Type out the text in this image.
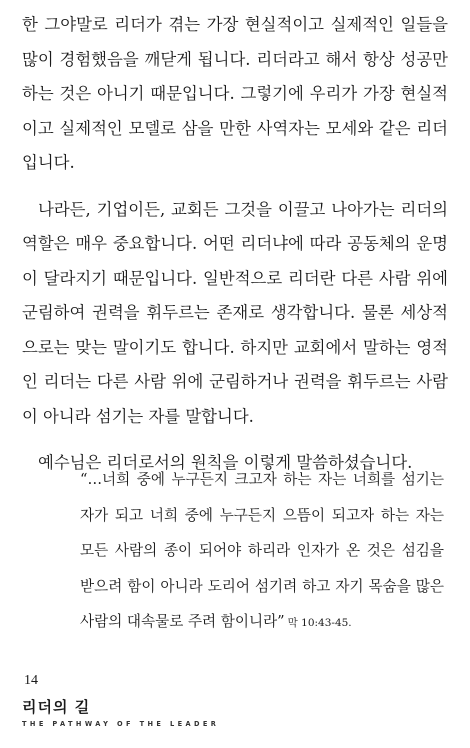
한 그야말로 리더가 겪는 가장 현실적이고 실제적인 일들을 많이 경험했음을 깨닫게 됩니다. 리더라고 해서 항상 성공만 하는 것은 아니기 때문입니다. 그렇기에 우리가 가장 현실적이고 실제적인 모델로 삼을 만한 사역자는 모세와 같은 리더입니다.

나라든, 기업이든, 교회든 그것을 이끌고 나아가는 리더의 역할은 매우 중요합니다. 어떤 리더냐에 따라 공동체의 운명이 달라지기 때문입니다. 일반적으로 리더란 다른 사람 위에 군림하여 권력을 휘두르는 존재로 생각합니다. 물론 세상적으로는 맞는 말이기도 합니다. 하지만 교회에서 말하는 영적인 리더는 다른 사람 위에 군림하거나 권력을 휘두르는 사람이 아니라 섬기는 자를 말합니다.

예수님은 리더로서의 원칙을 이렇게 말씀하셨습니다.

“…너희 중에 누구든지 크고자 하는 자는 너희를 섬기는 자가 되고 너희 중에 누구든지 으뜸이 되고자 하는 자는 모든 사람의 종이 되어야 하리라 인자가 온 것은 섬김을 받으려 함이 아니라 도리어 섬기려 하고 자기 목숨을 많은 사람의 대속물로 주려 함이니라” 막 10:43-45.

14
리더의 길
THE PATHWAY OF THE LEADER
